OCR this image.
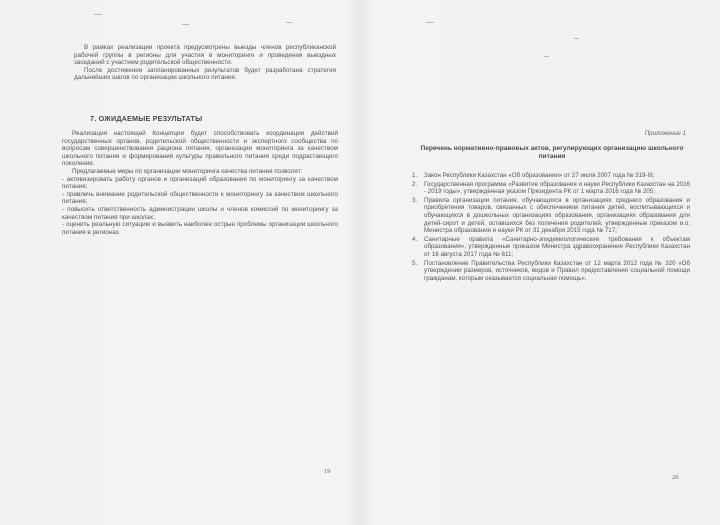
В рамках реализации проекта предусмотрены выезды членов республиканской рабочей группы в регионы для участия в мониторинге и проведения выездных заседаний с участием родительской общественности.

После достижения запланированных результатов будет разработана стратегия дальнейших шагов по организации школьного питания.

7. ОЖИДАЕМЫЕ РЕЗУЛЬТАТЫ

Реализация настоящей Концепции будет способствовать координации действий государственных органов, родительской общественности и экспертного сообщества по вопросам совершенствования рациона питания, организации мониторинга за качеством школьного питания и формирования культуры правильного питания среди подрастающего поколения.

Предлагаемые меры по организации мониторинга качества питания позволят:

- активизировать работу органов и организаций образования по мониторингу за качеством питания;
- привлечь внимание родительской общественности к мониторингу за качеством школьного питания;
- повысить ответственность администрации школы и членов комиссий по мониторингу за качеством питания при школах;
- оценить реальную ситуацию и выявить наиболее острые проблемы организации школьного питания в регионах.
19
Приложение 1
Перечень нормативно-правовых актов, регулирующих организацию школьного питания
1.	Закон Республики Казахстан «Об образовании» от 27 июля 2007 года № 319-III;
2.	Государственная программа «Развитие образования и науки Республики Казахстан на 2016 - 2019 годы», утвержденная указом Президента РК от 1 марта 2016 года № 205;
3.	Правила организации питания, обучающихся в организациях среднего образования и приобретения товаров, связанных с обеспечением питания детей, воспитывающихся и обучающихся в дошкольных организациях образования, организациях образования для детей-сирот и детей, оставшихся без попечения родителей, утвержденные приказом и.о. Министра образования и науки РК от 31 декабря 2015 года № 717;
4.	Санитарные правила «Санитарно-эпидемиологические требования к объектам образования», утвержденные приказом Министра здравоохранения Республики Казахстан от 16 августа 2017 года № 611;
5.	Постановление Правительства Республики Казахстан от 12 марта 2012 года № 320 «Об утверждении размеров, источников, видов и Правил предоставления социальной помощи гражданам, которым оказывается социальная помощь».
20
